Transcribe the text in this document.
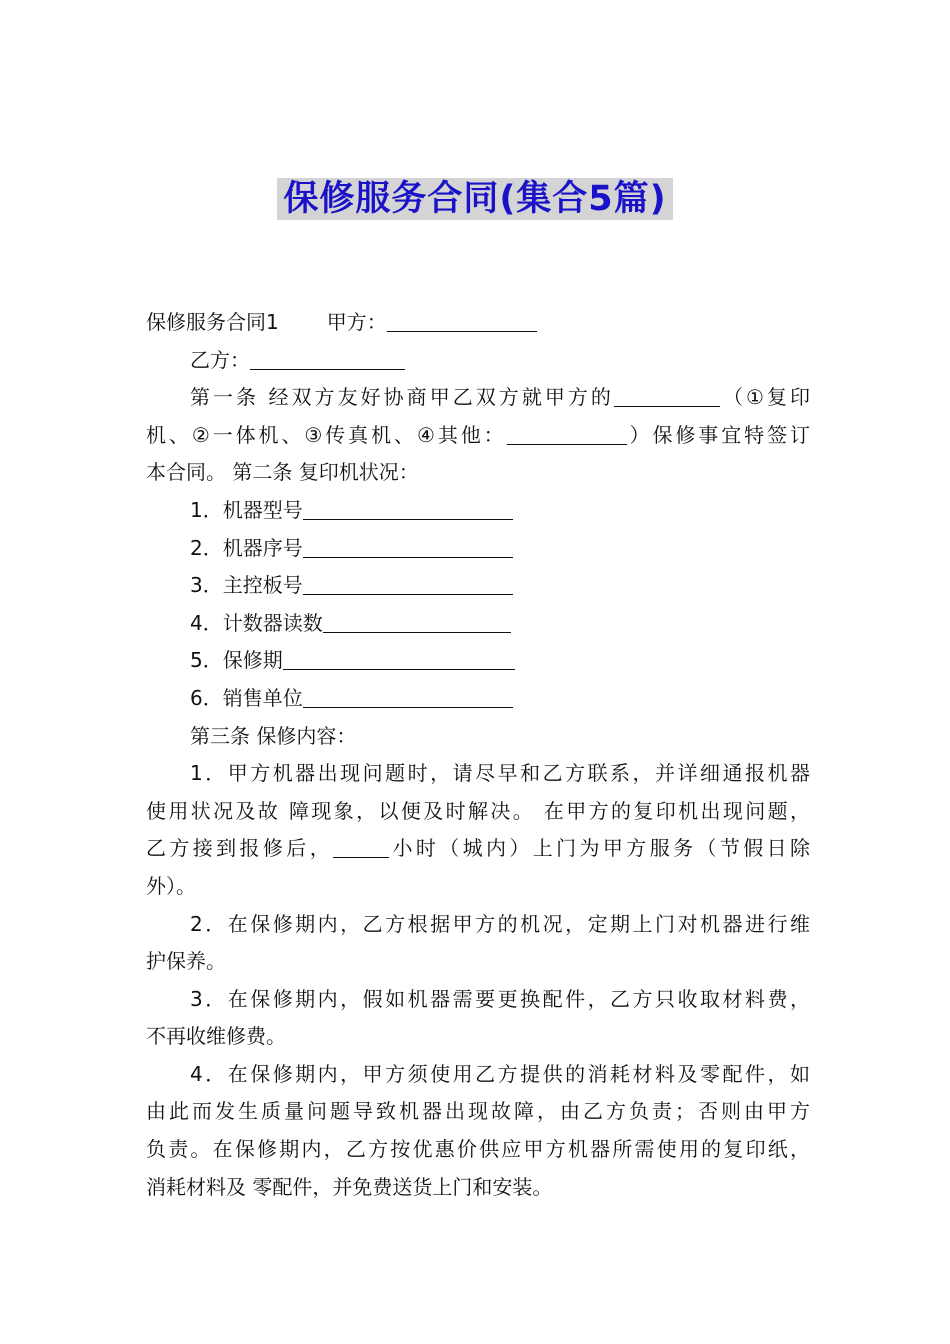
保修服务合同(集合5篇)
保修服务合同1 甲方：
乙方：
第一条 经双方友好协商甲乙双方就甲方的	（①复印
机、②一体机、③传真机、④其他：	）保修事宜特签订
本合同。 第二条 复印机状况：
1．机器型号
2．机器序号
3．主控板号
4．计数器读数
5．保修期
6．销售单位
第三条 保修内容：
1．甲方机器出现问题时，请尽早和乙方联系，并详细通报机器
使用状况及故 障现象，以便及时解决。 在甲方的复印机出现问题，
乙方接到报修后，	小时（城内）上门为甲方服务（节假日除
外）。
2．在保修期内，乙方根据甲方的机况，定期上门对机器进行维
护保养。
3．在保修期内，假如机器需要更换配件，乙方只收取材料费，
不再收维修费。
4．在保修期内，甲方须使用乙方提供的消耗材料及零配件，如
由此而发生质量问题导致机器出现故障，由乙方负责；否则由甲方
负责。在保修期内，乙方按优惠价供应甲方机器所需使用的复印纸，
消耗材料及 零配件，并免费送货上门和安装。
